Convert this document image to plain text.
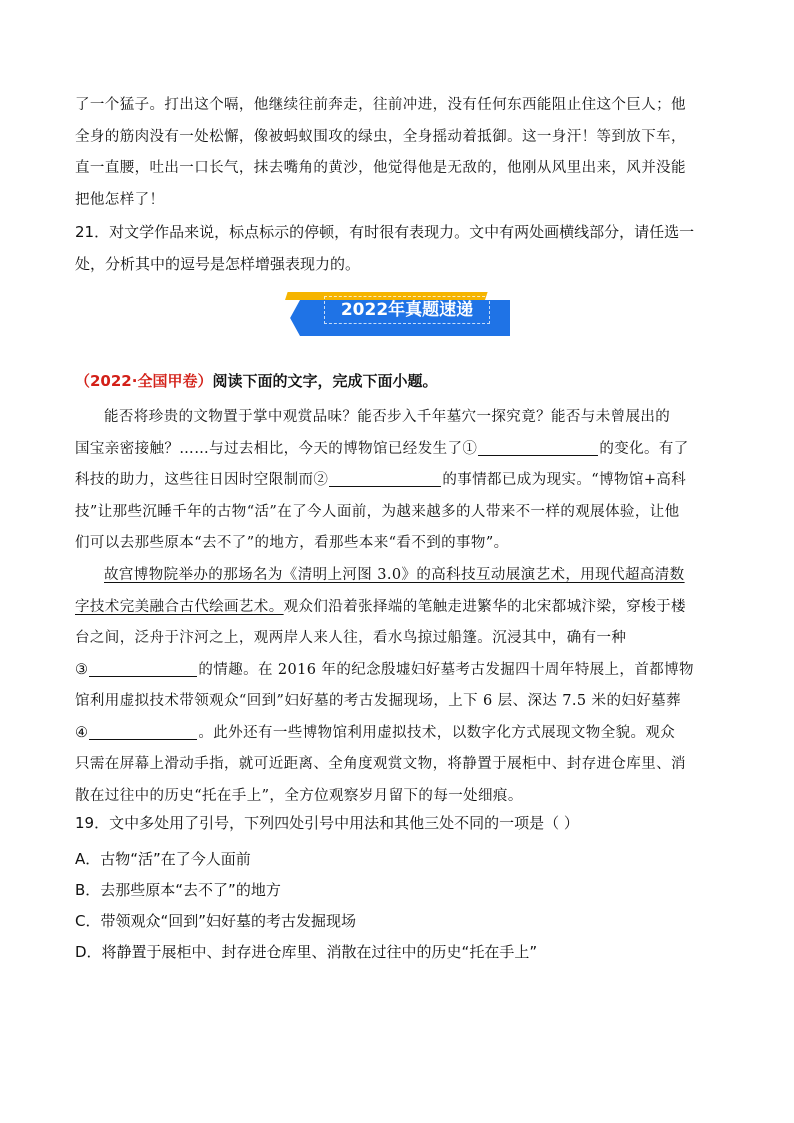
了一个猛子。打出这个嗝，他继续往前奔走，往前冲进，没有任何东西能阻止住这个巨人；他
全身的筋肉没有一处松懈，像被蚂蚁围攻的绿虫，全身摇动着抵御。这一身汗！等到放下车，
直一直腰，吐出一口长气，抹去嘴角的黄沙，他觉得他是无敌的，他刚从风里出来，风并没能
把他怎样了！
21．对文学作品来说，标点标示的停顿，有时很有表现力。文中有两处画横线部分，请任选一
处，分析其中的逗号是怎样增强表现力的。
2022年真题速递
（2022·全国甲卷）阅读下面的文字，完成下面小题。
能否将珍贵的文物置于掌中观赏品味？能否步入千年墓穴一探究竟？能否与未曾展出的
国宝亲密接触？……与过去相比，今天的博物馆已经发生了①	的变化。有了
科技的助力，这些往日因时空限制而②	的事情都已成为现实。“博物馆+高科
技”让那些沉睡千年的古物“活”在了今人面前，为越来越多的人带来不一样的观展体验，让他
们可以去那些原本“去不了”的地方，看那些本来“看不到的事物”。
故宫博物院举办的那场名为《清明上河图 3.0》的高科技互动展演艺术，用现代超高清数
字技术完美融合古代绘画艺术。观众们沿着张择端的笔触走进繁华的北宋都城汴梁，穿梭于楼
台之间，泛舟于汴河之上，观两岸人来人往，看水鸟掠过船篷。沉浸其中，确有一种
③	的情趣。在 2016 年的纪念殷墟妇好墓考古发掘四十周年特展上，首都博物
馆利用虚拟技术带领观众“回到”妇好墓的考古发掘现场，上下 6 层、深达 7.5 米的妇好墓葬
④	。此外还有一些博物馆利用虚拟技术，以数字化方式展现文物全貌。观众
只需在屏幕上滑动手指，就可近距离、全角度观赏文物，将静置于展柜中、封存进仓库里、消
散在过往中的历史“托在手上”，全方位观察岁月留下的每一处细痕。
19．文中多处用了引号，下列四处引号中用法和其他三处不同的一项是（ ）
A．古物“活”在了今人面前
B．去那些原本“去不了”的地方
C．带领观众“回到”妇好墓的考古发掘现场
D．将静置于展柜中、封存进仓库里、消散在过往中的历史“托在手上”
